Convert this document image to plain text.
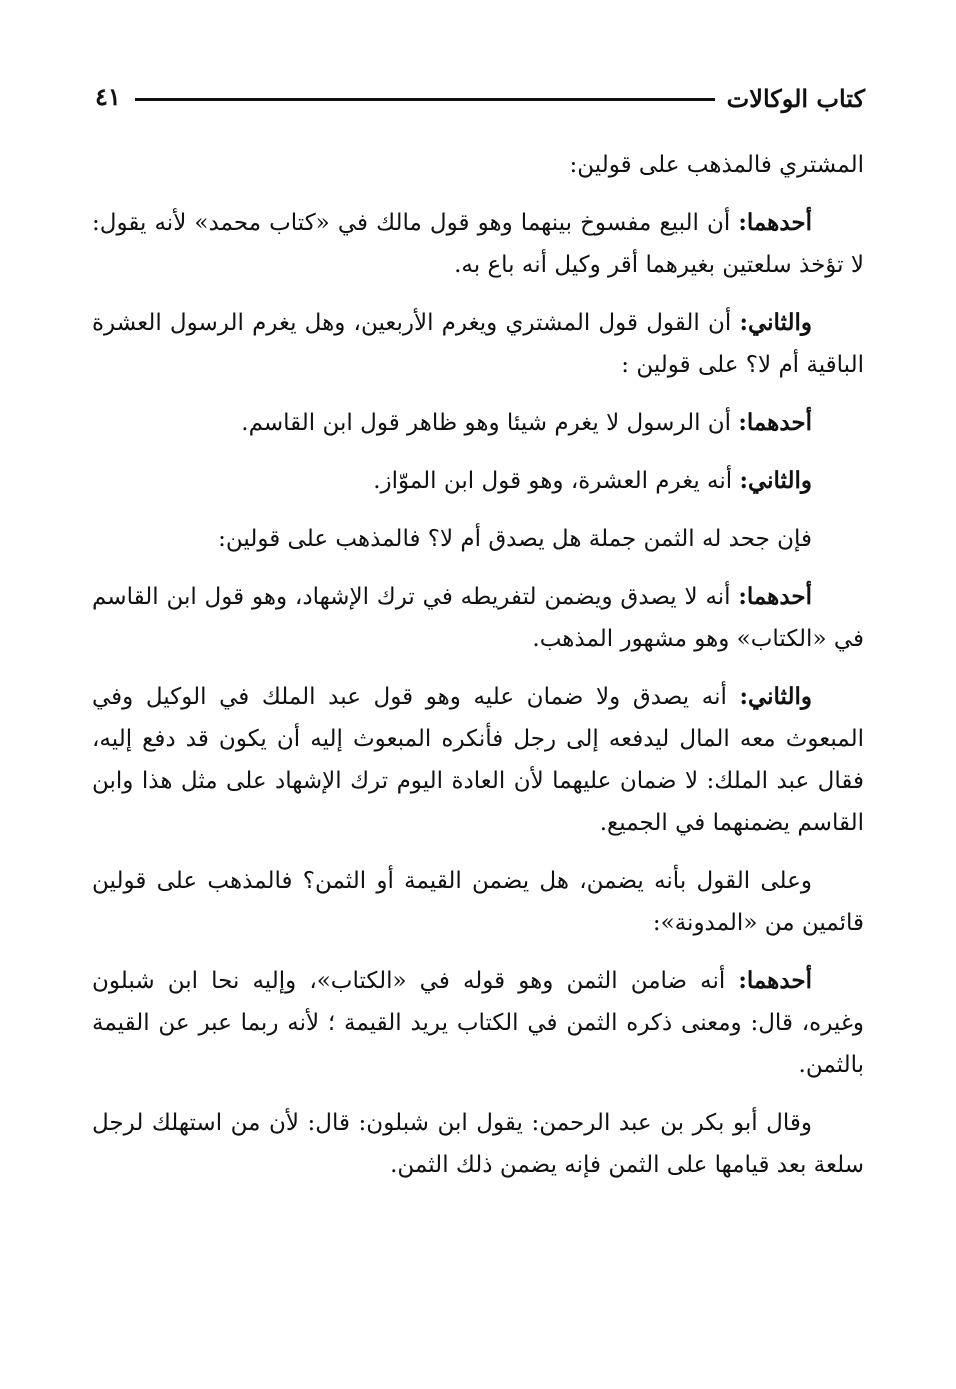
كتاب الوكالات
٤١

المشتري فالمذهب على قولين:

أحدهما: أن البيع مفسوخ بينهما وهو قول مالك في «كتاب محمد» لأنه يقول: لا تؤخذ سلعتين بغيرهما أقر وكيل أنه باع به.

والثاني: أن القول قول المشتري ويغرم الأربعين، وهل يغرم الرسول العشرة الباقية أم لا؟ على قولين :

أحدهما: أن الرسول لا يغرم شيئا وهو ظاهر قول ابن القاسم.

والثاني: أنه يغرم العشرة، وهو قول ابن الموّاز.

فإن جحد له الثمن جملة هل يصدق أم لا؟ فالمذهب على قولين:

أحدهما: أنه لا يصدق ويضمن لتفريطه في ترك الإشهاد، وهو قول ابن القاسم في «الكتاب» وهو مشهور المذهب.

والثاني: أنه يصدق ولا ضمان عليه وهو قول عبد الملك في الوكيل وفي المبعوث معه المال ليدفعه إلى رجل فأنكره المبعوث إليه أن يكون قد دفع إليه، فقال عبد الملك: لا ضمان عليهما لأن العادة اليوم ترك الإشهاد على مثل هذا وابن القاسم يضمنهما في الجميع.

وعلى القول بأنه يضمن، هل يضمن القيمة أو الثمن؟ فالمذهب على قولين قائمين من «المدونة»:

أحدهما: أنه ضامن الثمن وهو قوله في «الكتاب»، وإليه نحا ابن شبلون وغيره، قال: ومعنى ذكره الثمن في الكتاب يريد القيمة ؛ لأنه ربما عبر عن القيمة بالثمن.

وقال أبو بكر بن عبد الرحمن: يقول ابن شبلون: قال: لأن من استهلك لرجل سلعة بعد قيامها على الثمن فإنه يضمن ذلك الثمن.
